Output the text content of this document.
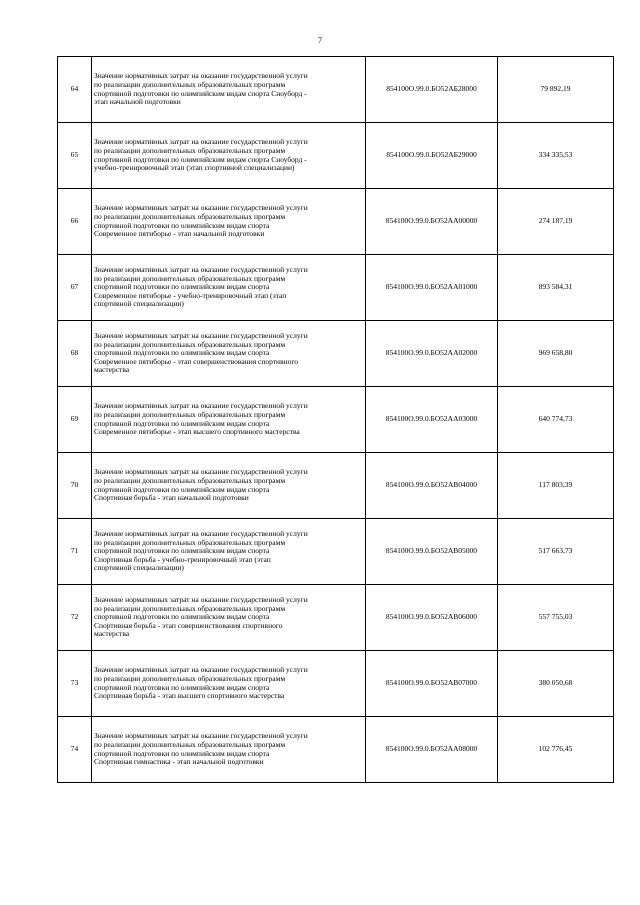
7
64	Значение нормативных затрат на оказание государственной услуги
по реализации дополнительных образовательных программ
спортивной подготовки по олимпийским видам спорта Сноуборд -
этап начальной подготовки	854100О.99.0.БО52АБ28000	79 892,19
65	Значение нормативных затрат на оказание государственной услуги
по реализации дополнительных образовательных программ
спортивной подготовки по олимпийским видам спорта Сноуборд -
учебно-тренировочный этап (этап спортивной специализации)	854100О.99.0.БО52АБ29000	334 335,53
66	Значение нормативных затрат на оказание государственной услуги
по реализации дополнительных образовательных программ
спортивной подготовки по олимпийским видам спорта
Современное пятиборье - этап начальной подготовки	854100О.99.0.БО52АА00000	274 187,19
67	Значение нормативных затрат на оказание государственной услуги
по реализации дополнительных образовательных программ
спортивной подготовки по олимпийским видам спорта
Современное пятиборье - учебно-тренировочный этап (этап
спортивной специализации)	854100О.99.0.БО52АА01000	893 584,31
68	Значение нормативных затрат на оказание государственной услуги
по реализации дополнительных образовательных программ
спортивной подготовки по олимпийским видам спорта
Современное пятиборье - этап совершенствования спортивного
мастерства	854100О.99.0.БО52АА02000	969 658,80
69	Значение нормативных затрат на оказание государственной услуги
по реализации дополнительных образовательных программ
спортивной подготовки по олимпийским видам спорта
Современное пятиборье - этап высшего спортивного мастерства	854100О.99.0.БО52АА03000	640 774,73
70	Значение нормативных затрат на оказание государственной услуги
по реализации дополнительных образовательных программ
спортивной подготовки по олимпийским видам спорта
Спортивная борьба - этап начальной подготовки	854100О.99.0.БО52АВ04000	117 803,39
71	Значение нормативных затрат на оказание государственной услуги
по реализации дополнительных образовательных программ
спортивной подготовки по олимпийским видам спорта
Спортивная борьба - учебно-тренировочный этап (этап
спортивной специализации)	854100О.99.0.БО52АВ05000	517 663,73
72	Значение нормативных затрат на оказание государственной услуги
по реализации дополнительных образовательных программ
спортивной подготовки по олимпийским видам спорта
Спортивная борьба - этап совершенствования спортивного
мастерства	854100О.99.0.БО52АВ06000	557 755,03
73	Значение нормативных затрат на оказание государственной услуги
по реализации дополнительных образовательных программ
спортивной подготовки по олимпийским видам спорта
Спортивная борьба - этап высшего спортивного мастерства	854100О.99.0.БО52АВ07000	380 050,68
74	Значение нормативных затрат на оказание государственной услуги
по реализации дополнительных образовательных программ
спортивной подготовки по олимпийским видам спорта
Спортивная гимнастика - этап начальной подготовки	854100О.99.0.БО52АА08000	102 776,45
